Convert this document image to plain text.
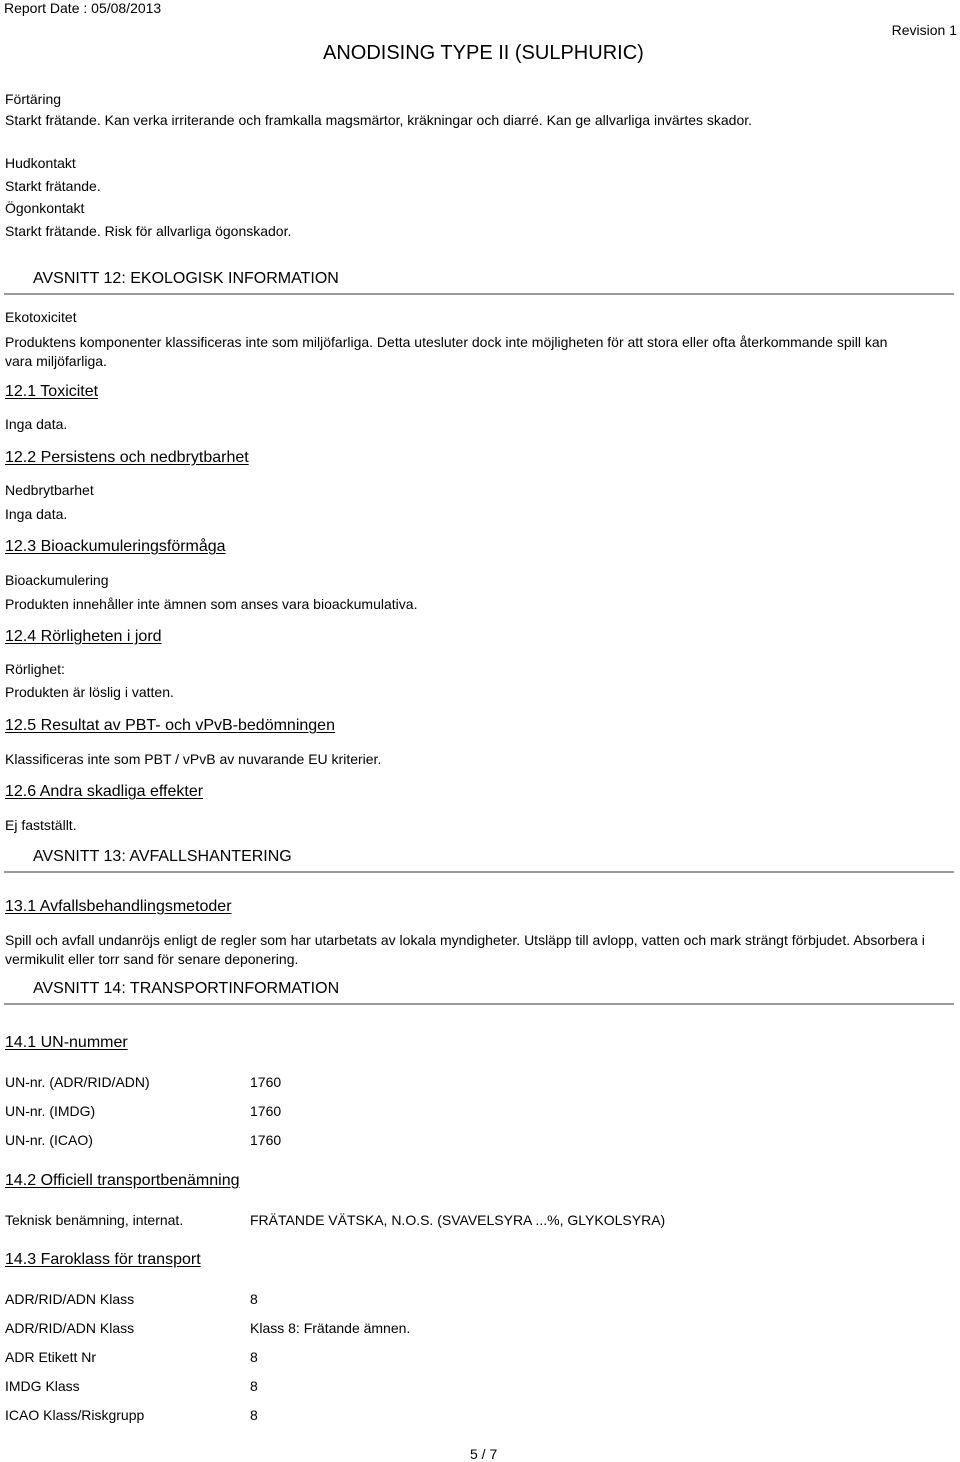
Report Date : 05/08/2013
Revision 1
ANODISING TYPE II (SULPHURIC)
Förtäring
Starkt frätande. Kan verka irriterande och framkalla magsmärtor, kräkningar och diarré. Kan ge allvarliga invärtes skador.
Hudkontakt
Starkt frätande.
Ögonkontakt
Starkt frätande. Risk för allvarliga ögonskador.
AVSNITT 12: EKOLOGISK INFORMATION
Ekotoxicitet
Produktens komponenter klassificeras inte som miljöfarliga. Detta utesluter dock inte möjligheten för att stora eller ofta återkommande spill kan vara miljöfarliga.
12.1 Toxicitet
Inga data.
12.2 Persistens och nedbrytbarhet
Nedbrytbarhet
Inga data.
12.3 Bioackumuleringsförmåga
Bioackumulering
Produkten innehåller inte ämnen som anses vara bioackumulativa.
12.4 Rörligheten i jord
Rörlighet:
Produkten är löslig i vatten.
12.5 Resultat av PBT- och vPvB-bedömningen
Klassificeras inte som PBT / vPvB av nuvarande EU kriterier.
12.6 Andra skadliga effekter
Ej fastställt.
AVSNITT 13: AVFALLSHANTERING
13.1 Avfallsbehandlingsmetoder
Spill och avfall undanröjs enligt de regler som har utarbetats av lokala myndigheter. Utsläpp till avlopp, vatten och mark strängt förbjudet. Absorbera i vermikulit eller torr sand för senare deponering.
AVSNITT 14: TRANSPORTINFORMATION
14.1 UN-nummer
UN-nr. (ADR/RID/ADN)	1760
UN-nr. (IMDG)	1760
UN-nr. (ICAO)	1760
14.2 Officiell transportbenämning
Teknisk benämning, internat.	FRÄTANDE VÄTSKA, N.O.S. (SVAVELSYRA ...%, GLYKOLSYRA)
14.3 Faroklass för transport
ADR/RID/ADN Klass	8
ADR/RID/ADN Klass	Klass 8: Frätande ämnen.
ADR Etikett Nr	8
IMDG Klass	8
ICAO Klass/Riskgrupp	8
5 / 7
